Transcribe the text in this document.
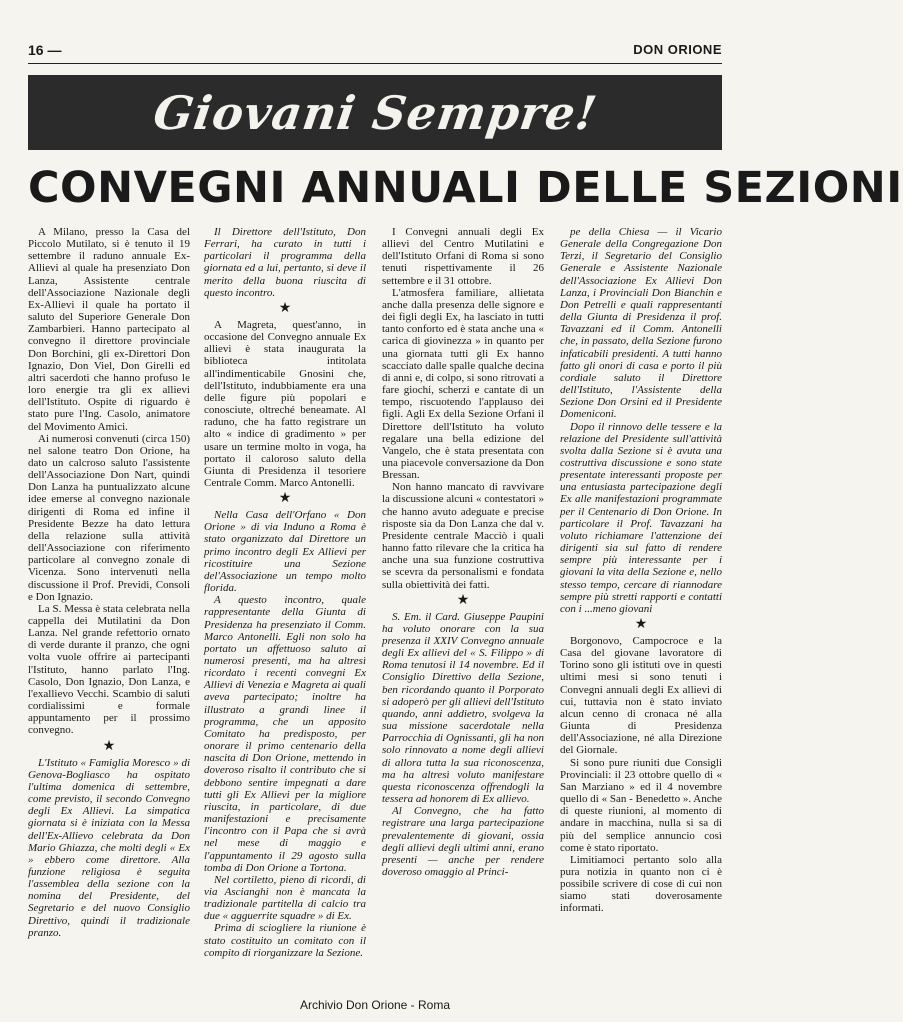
16 —	DON ORIONE
Giovani Sempre!
CONVEGNI ANNUALI DELLE SEZIONI

A Milano, presso la Casa del Piccolo Mutilato, si è tenuto il 19 settembre il raduno annuale Ex-Allievi al quale ha presenziato Don Lanza, Assistente centrale dell'Associazione Nazionale degli Ex-Allievi il quale ha portato il saluto del Superiore Generale Don Zambarbieri. Hanno partecipato al convegno il direttore provinciale Don Borchini, gli ex-Direttori Don Ignazio, Don Viel, Don Girelli ed altri sacerdoti che hanno profuso le loro energie tra gli ex allievi dell'Istituto. Ospite di riguardo è stato pure l'Ing. Casolo, animatore del Movimento Amici.

Ai numerosi convenuti (circa 150) nel salone teatro Don Orione, ha dato un calcroso saluto l'assistente dell'Associazione Don Nart, quindi Don Lanza ha puntualizzato alcune idee emerse al convegno nazionale dirigenti di Roma ed infine il Presidente Bezze ha dato lettura della relazione sulla attività dell'Associazione con riferimento particolare al convegno zonale di Vicenza. Sono intervenuti nella discussione il Prof. Previdi, Consoli e Don Ignazio.

La S. Messa è stata celebrata nella cappella dei Mutilatini da Don Lanza. Nel grande refettorio ornato di verde durante il pranzo, che ogni volta vuole offrire ai partecipanti l'Istituto, hanno parlato l'Ing. Casolo, Don Ignazio, Don Lanza, e l'exallievo Vecchi. Scambio di saluti cordialissimi e formale appuntamento per il prossimo convegno.

★

L'Istituto « Famiglia Moresco » di Genova-Bogliasco ha ospitato l'ultima domenica di settembre, come previsto, il secondo Convegno degli Ex Allievi. La simpatica giornata si è iniziata con la Messa dell'Ex-Allievo celebrata da Don Mario Ghiazza, che molti degli « Ex » ebbero come direttore. Alla funzione religiosa è seguita l'assemblea della sezione con la nomina del Presidente, del Segretario e del nuovo Consiglio Direttivo, quindi il tradizionale pranzo.

Il Direttore dell'Istituto, Don Ferrari, ha curato in tutti i particolari il programma della giornata ed a lui, pertanto, si deve il merito della buona riuscita di questo incontro.

★

A Magreta, quest'anno, in occasione del Convegno annuale Ex allievi è stata inaugurata la biblioteca intitolata all'indimenticabile Gnosini che, dell'Istituto, indubbiamente era una delle figure più popolari e conosciute, oltreché beneamate. Al raduno, che ha fatto registrare un alto « indice di gradimento » per usare un termine molto in voga, ha portato il caloroso saluto della Giunta di Presidenza il tesoriere Centrale Comm. Marco Antonelli.

★

Nella Casa dell'Orfano « Don Orione » di via Induno a Roma è stato organizzato dal Direttore un primo incontro degli Ex Allievi per ricostituire una Sezione del'Associazione un tempo molto florida.

A questo incontro, quale rappresentante della Giunta di Presidenza ha presenziato il Comm. Marco Antonelli. Egli non solo ha portato un affettuoso saluto ai numerosi presenti, ma ha altresì ricordato i recenti convegni Ex Allievi di Venezia e Magreta ai quali aveva partecipato; inoltre ha illustrato a grandi linee il programma, che un apposito Comitato ha predisposto, per onorare il primo centenario della nascita di Don Orione, mettendo in doveroso risalto il contributo che si debbono sentire impegnati a dare tutti gli Ex Allievi per la migliore riuscita, in particolare, di due manifestazioni e precisamente l'incontro con il Papa che si avrà nel mese di maggio e l'appuntamento il 29 agosto sulla tomba di Don Orione a Tortona.

Nel cortiletto, pieno di ricordi, di via Ascianghi non è mancata la tradizionale partitella di calcio tra due « agguerrite squadre » di Ex.

Prima di sciogliere la riunione è stato costituito un comitato con il compito di riorganizzare la Sezione.

I Convegni annuali degli Ex allievi del Centro Mutilatini e dell'Istituto Orfani di Roma si sono tenuti rispettivamente il 26 settembre e il 31 ottobre.

L'atmosfera familiare, allietata anche dalla presenza delle signore e dei figli degli Ex, ha lasciato in tutti tanto conforto ed è stata anche una « carica di giovinezza » in quanto per una giornata tutti gli Ex hanno scacciato dalle spalle qualche decina di anni e, di colpo, si sono ritrovati a fare giochi, scherzi e cantate di un tempo, riscuotendo l'applauso dei figli. Agli Ex della Sezione Orfani il Direttore dell'Istituto ha voluto regalare una bella edizione del Vangelo, che è stata presentata con una piacevole conversazione da Don Bressan.

Non hanno mancato di ravvivare la discussione alcuni « contestatori » che hanno avuto adeguate e precise risposte sia da Don Lanza che dal v. Presidente centrale Macciò i quali hanno fatto rilevare che la critica ha anche una sua funzione costruttiva se scevra da personalismi e fondata sulla obiettività dei fatti.

★

S. Em. il Card. Giuseppe Paupini ha voluto onorare con la sua presenza il XXIV Convegno annuale degli Ex allievi del « S. Filippo » di Roma tenutosi il 14 novembre. Ed il Consiglio Direttivo della Sezione, ben ricordando quanto il Porporato si adoperò per gli allievi dell'Istituto quando, anni addietro, svolgeva la sua missione sacerdotale nella Parrocchia di Ognissanti, gli ha non solo rinnovato a nome degli allievi di allora tutta la sua riconoscenza, ma ha altresì voluto manifestare questa riconoscenza offrendogli la tessera ad honorem di Ex allievo.

Al Convegno, che ha fatto registrare una larga partecipazione prevalentemente di giovani, ossia degli allievi degli ultimi anni, erano presenti — anche per rendere doveroso omaggio al Princi-

pe della Chiesa — il Vicario Generale della Congregazione Don Terzi, il Segretario del Consiglio Generale e Assistente Nazionale dell'Associazione Ex Allievi Don Lanza, i Provinciali Don Bianchin e Don Petrelli e quali rappresentanti della Giunta di Presidenza il prof. Tavazzani ed il Comm. Antonelli che, in passato, della Sezione furono infaticabili presidenti. A tutti hanno fatto gli onori di casa e porto il più cordiale saluto il Direttore dell'Istituto, l'Assistente della Sezione Don Orsini ed il Presidente Domeniconi.

Dopo il rinnovo delle tessere e la relazione del Presidente sull'attività svolta dalla Sezione si è avuta una costruttiva discussione e sono state presentate interessanti proposte per una entusiasta partecipazione degli Ex alle manifestazioni programmate per il Centenario di Don Orione. In particolare il Prof. Tavazzani ha voluto richiamare l'attenzione dei dirigenti sia sul fatto di rendere sempre più interessante per i giovani la vita della Sezione e, nello stesso tempo, cercare di riannodare sempre più stretti rapporti e contatti con i ...meno giovani

★

Borgonovo, Campocroce e la Casa del giovane lavoratore di Torino sono gli istituti ove in questi ultimi mesi si sono tenuti i Convegni annuali degli Ex allievi di cui, tuttavia non è stato inviato alcun cenno di cronaca né alla Giunta di Presidenza dell'Associazione, né alla Direzione del Giornale.

Si sono pure riuniti due Consigli Provinciali: il 23 ottobre quello di « San Marziano » ed il 4 novembre quello di « San - Benedetto ». Anche di queste riunioni, al momento di andare in macchina, nulla si sa di più del semplice annuncio così come è stato riportato.

Limitiamoci pertanto solo alla pura notizia in quanto non ci è possibile scrivere di cose di cui non siamo stati doverosamente informati.

Archivio Don Orione - Roma
